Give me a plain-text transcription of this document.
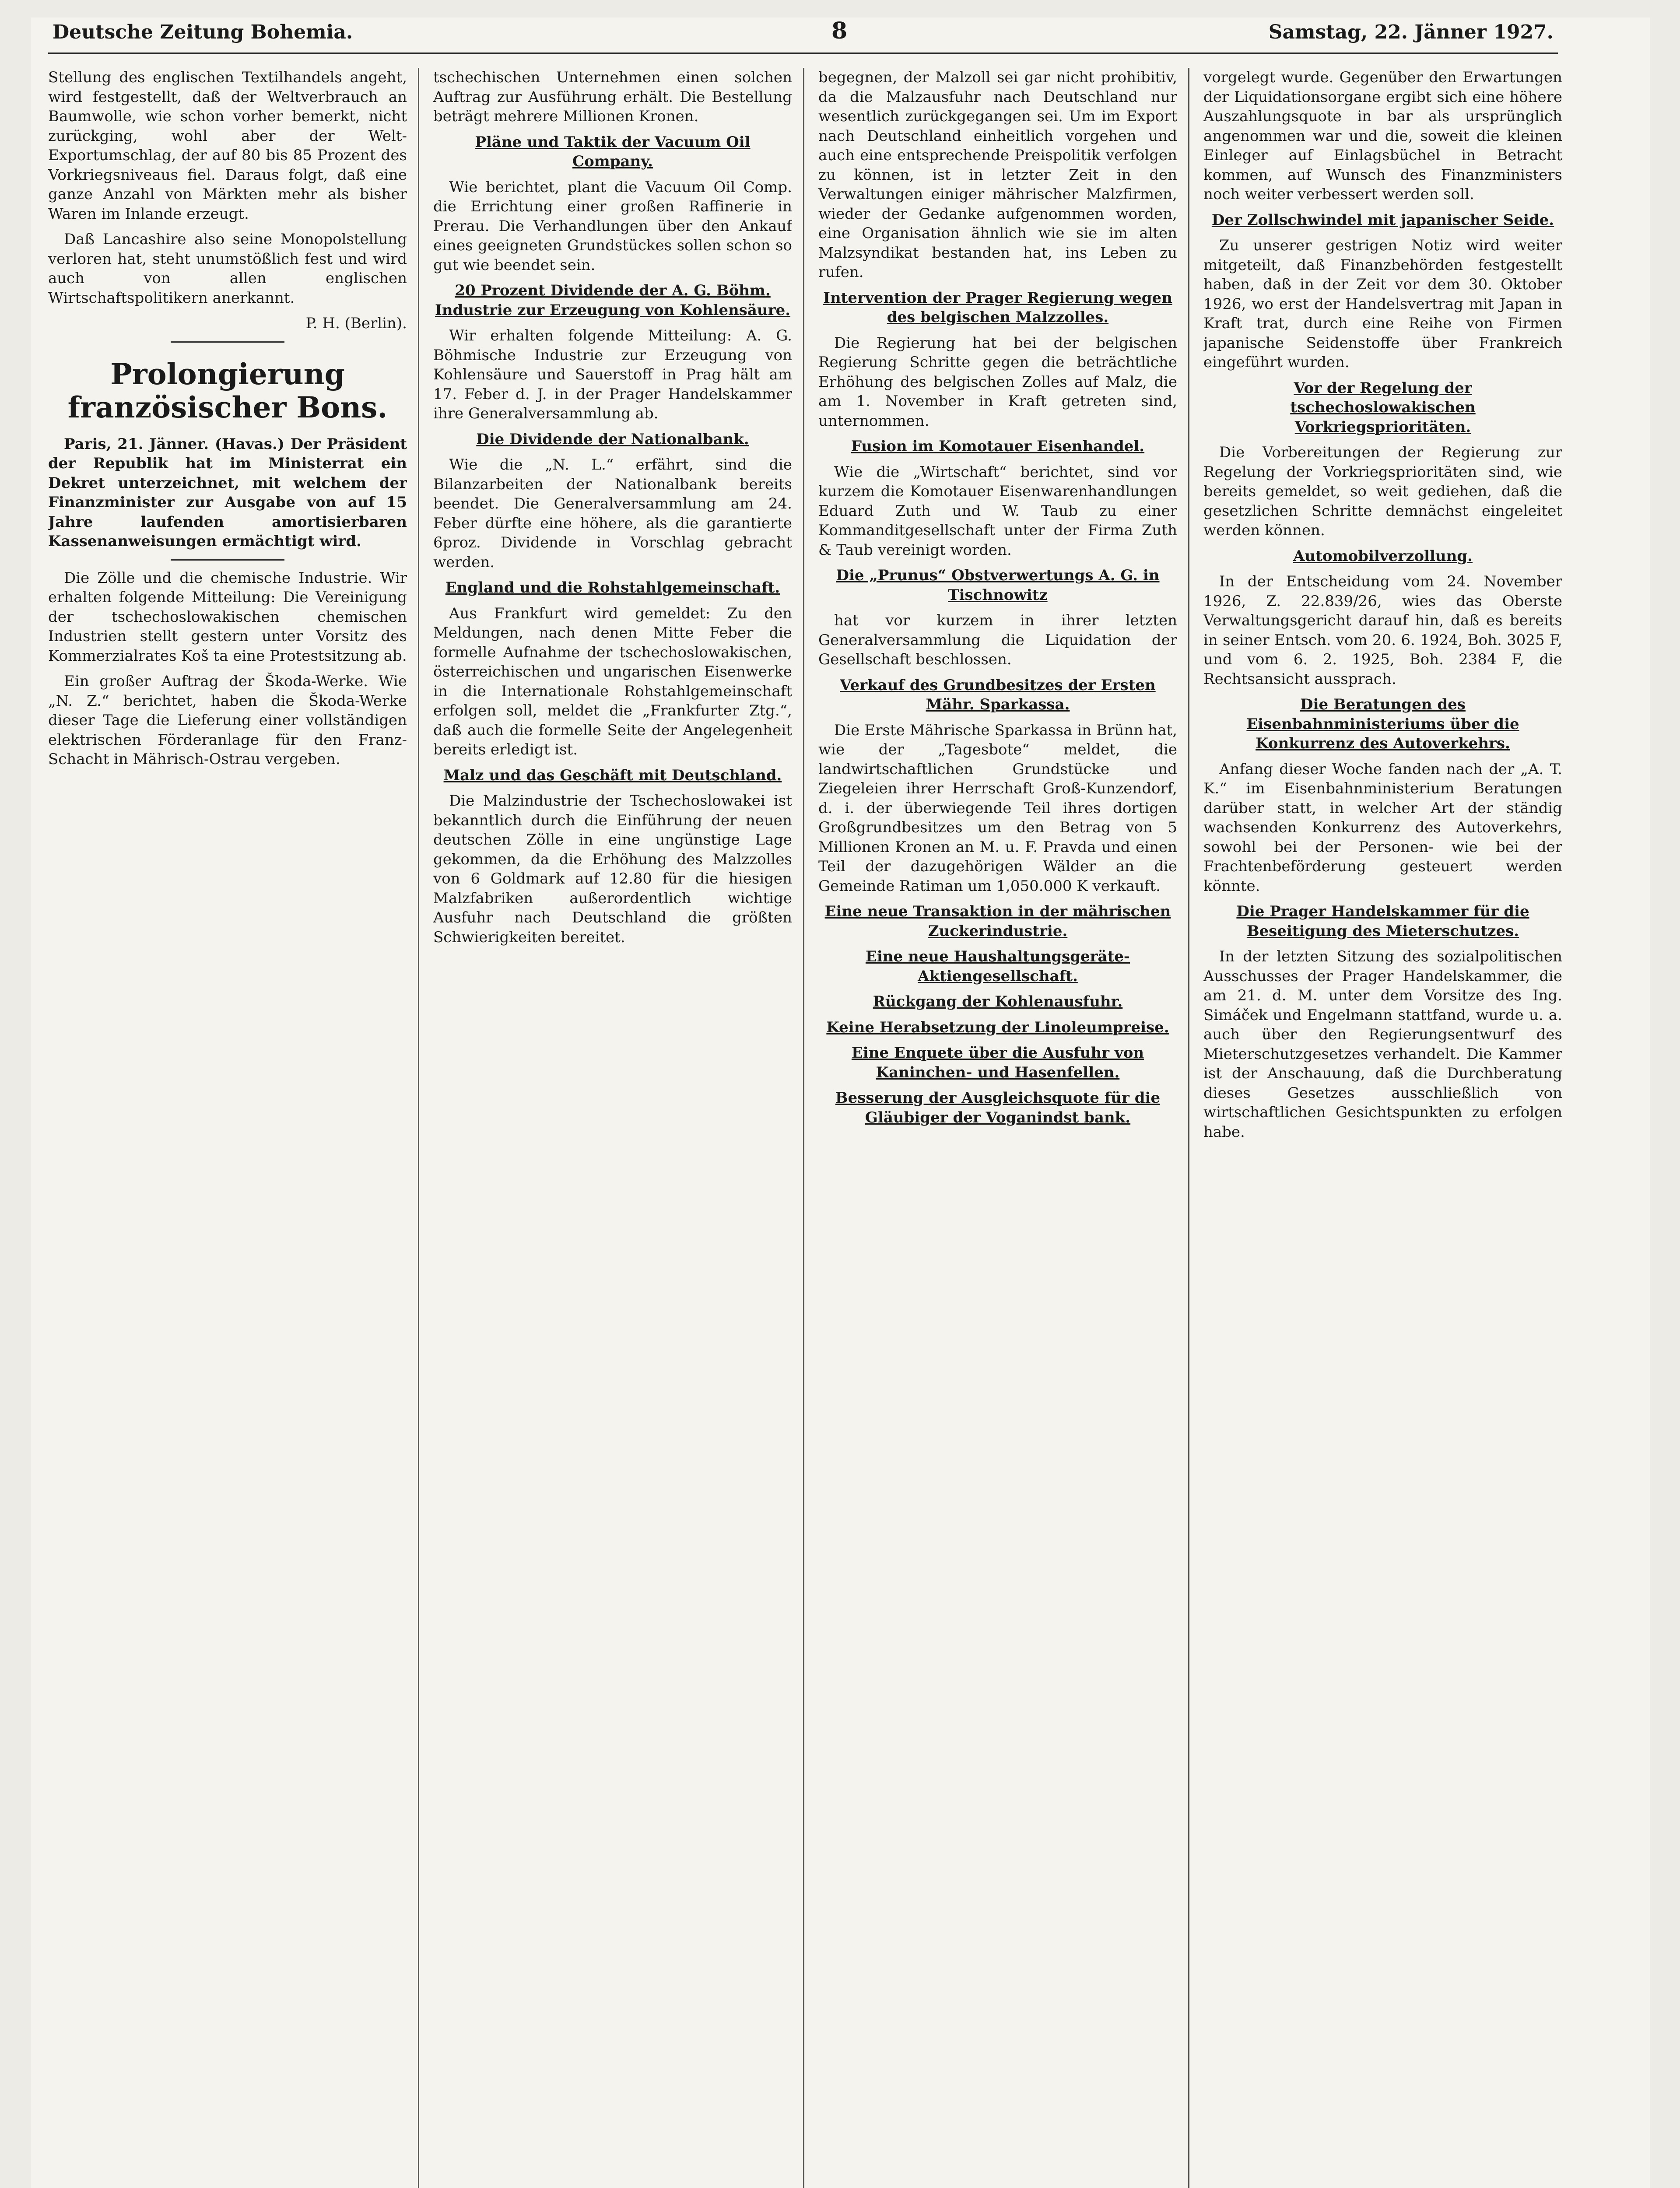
Deutsche Zeitung Bohemia.	8	Samstag, 22. Jänner 1927.

Stellung des englischen Textilhandels angeht, wird festgestellt, daß der Weltverbrauch an Baumwolle, wie schon vorher bemerkt, nicht zurückging, wohl aber der Welt-Exportumschlag, der auf 80 bis 85 Prozent des Vorkriegsniveaus fiel. Daraus folgt, daß eine ganze Anzahl von Märkten mehr als bisher Waren im Inlande erzeugt.

Daß Lancashire also seine Monopolstellung verloren hat, steht unumstößlich fest und wird auch von allen englischen Wirtschaftspolitikern anerkannt.

P. H. (Berlin).

Prolongierung französischer Bons.

Paris, 21. Jänner. (Havas.) Der Präsident der Republik hat im Ministerrat ein Dekret unterzeichnet, mit welchem der Finanzminister zur Ausgabe von auf 15 Jahre laufenden amortisierbaren Kassenanweisungen ermächtigt wird.

Die Zölle und die chemische Industrie. Wir erhalten folgende Mitteilung: Die Vereinigung der tschechoslowakischen chemischen Industrien stellt gestern unter Vorsitz des Kommerzialrates Koš ta eine Protestsitzung ab.

Ein großer Auftrag der Škoda-Werke. Wie „N. Z.“ berichtet, haben die Škoda-Werke dieser Tage die Lieferung einer vollständigen elektrischen Förderanlage für den Franz-Schacht in Mährisch-Ostrau vergeben.

tschechischen Unternehmen einen solchen Auftrag zur Ausführung erhält. Die Bestellung beträgt mehrere Millionen Kronen.

Pläne und Taktik der Vacuum Oil Company.

Wie berichtet, plant die Vacuum Oil Comp. die Errichtung einer großen Raffinerie in Prerau. Die Verhandlungen über den Ankauf eines geeigneten Grundstückes sollen schon so gut wie beendet sein.

20 Prozent Dividende der A. G. Böhm. Industrie zur Erzeugung von Kohlensäure.

Wir erhalten folgende Mitteilung: A. G. Böhmische Industrie zur Erzeugung von Kohlensäure und Sauerstoff in Prag hält am 17. Feber d. J. in der Prager Handelskammer ihre Generalversammlung ab.

Die Dividende der Nationalbank.

Wie die „N. L.“ erfährt, sind die Bilanzarbeiten der Nationalbank bereits beendet. Die Generalversammlung am 24. Feber dürfte eine höhere, als die garantierte 6proz. Dividende in Vorschlag gebracht werden.

England und die Rohstahlgemeinschaft.

Aus Frankfurt wird gemeldet: Zu den Meldungen, nach denen Mitte Feber die formelle Aufnahme der tschechoslowakischen, österreichischen und ungarischen Eisenwerke in die Internationale Rohstahlgemeinschaft erfolgen soll, meldet die „Frankfurter Ztg.“, daß auch die formelle Seite der Angelegenheit bereits erledigt ist.

Malz und das Geschäft mit Deutschland.

Die Malzindustrie der Tschechoslowakei ist bekanntlich durch die Einführung der neuen deutschen Zölle in eine ungünstige Lage gekommen, da die Erhöhung des Malzzolles von 6 Goldmark auf 12.80 für die hiesigen Malzfabriken außerordentlich wichtige Ausfuhr nach Deutschland die größten Schwierigkeiten bereitet.

begegnen, der Malzoll sei gar nicht prohibitiv, da die Malzausfuhr nach Deutschland nur wesentlich zurückgegangen sei. Um im Export nach Deutschland einheitlich vorgehen und auch eine entsprechende Preispolitik verfolgen zu können, ist in letzter Zeit in den Verwaltungen einiger mährischer Malzfirmen, wieder der Gedanke aufgenommen worden, eine Organisation ähnlich wie sie im alten Malzsyndikat bestanden hat, ins Leben zu rufen.

Intervention der Prager Regierung wegen des belgischen Malzzolles.

Die Regierung hat bei der belgischen Regierung Schritte gegen die beträchtliche Erhöhung des belgischen Zolles auf Malz, die am 1. November in Kraft getreten sind, unternommen.

Fusion im Komotauer Eisenhandel.

Wie die „Wirtschaft“ berichtet, sind vor kurzem die Komotauer Eisenwarenhandlungen Eduard Zuth und W. Taub zu einer Kommanditgesellschaft unter der Firma Zuth & Taub vereinigt worden.

Die „Prunus“ Obstverwertungs A. G. in Tischnowitz

hat vor kurzem in ihrer letzten Generalversammlung die Liquidation der Gesellschaft beschlossen.

Verkauf des Grundbesitzes der Ersten Mähr. Sparkassa.

Die Erste Mährische Sparkassa in Brünn hat, wie der „Tagesbote“ meldet, die landwirtschaftlichen Grundstücke und Ziegeleien ihrer Herrschaft Groß-Kunzendorf, d. i. der überwiegende Teil ihres dortigen Großgrundbesitzes um den Betrag von 5 Millionen Kronen an M. u. F. Pravda und einen Teil der dazugehörigen Wälder an die Gemeinde Ratiman um 1,050.000 K verkauft.

Eine neue Transaktion in der mährischen Zuckerindustrie.

Eine neue Haushaltungsgeräte-Aktiengesellschaft.

Rückgang der Kohlenausfuhr.

Keine Herabsetzung der Linoleumpreise.

Eine Enquete über die Ausfuhr von Kaninchen- und Hasenfellen.

Besserung der Ausgleichsquote für die Gläubiger der Voganindst bank.

vorgelegt wurde. Gegenüber den Erwartungen der Liquidationsorgane ergibt sich eine höhere Auszahlungsquote in bar als ursprünglich angenommen war und die, soweit die kleinen Einleger auf Einlagsbüchel in Betracht kommen, auf Wunsch des Finanzministers noch weiter verbessert werden soll.

Der Zollschwindel mit japanischer Seide.

Zu unserer gestrigen Notiz wird weiter mitgeteilt, daß Finanzbehörden festgestellt haben, daß in der Zeit vor dem 30. Oktober 1926, wo erst der Handelsvertrag mit Japan in Kraft trat, durch eine Reihe von Firmen japanische Seidenstoffe über Frankreich eingeführt wurden.

Vor der Regelung der tschechoslowakischen Vorkriegsprioritäten.

Die Vorbereitungen der Regierung zur Regelung der Vorkriegsprioritäten sind, wie bereits gemeldet, so weit gediehen, daß die gesetzlichen Schritte demnächst eingeleitet werden können.

Automobilverzollung.

In der Entscheidung vom 24. November 1926, Z. 22.839/26, wies das Oberste Verwaltungsgericht darauf hin, daß es bereits in seiner Entsch. vom 20. 6. 1924, Boh. 3025 F, und vom 6. 2. 1925, Boh. 2384 F, die Rechtsansicht aussprach.

Die Beratungen des Eisenbahnministeriums über die Konkurrenz des Autoverkehrs.

Anfang dieser Woche fanden nach der „A. T. K.“ im Eisenbahnministerium Beratungen darüber statt, in welcher Art der ständig wachsenden Konkurrenz des Autoverkehrs, sowohl bei der Personen- wie bei der Frachtenbeförderung gesteuert werden könnte.

Die Prager Handelskammer für die Beseitigung des Mieterschutzes.

In der letzten Sitzung des sozialpolitischen Ausschusses der Prager Handelskammer, die am 21. d. M. unter dem Vorsitze des Ing. Simáček und Engelmann stattfand, wurde u. a. auch über den Regierungsentwurf des Mieterschutzgesetzes verhandelt. Die Kammer ist der Anschauung, daß die Durchberatung dieses Gesetzes ausschließlich von wirtschaftlichen Gesichtspunkten zu erfolgen habe.
